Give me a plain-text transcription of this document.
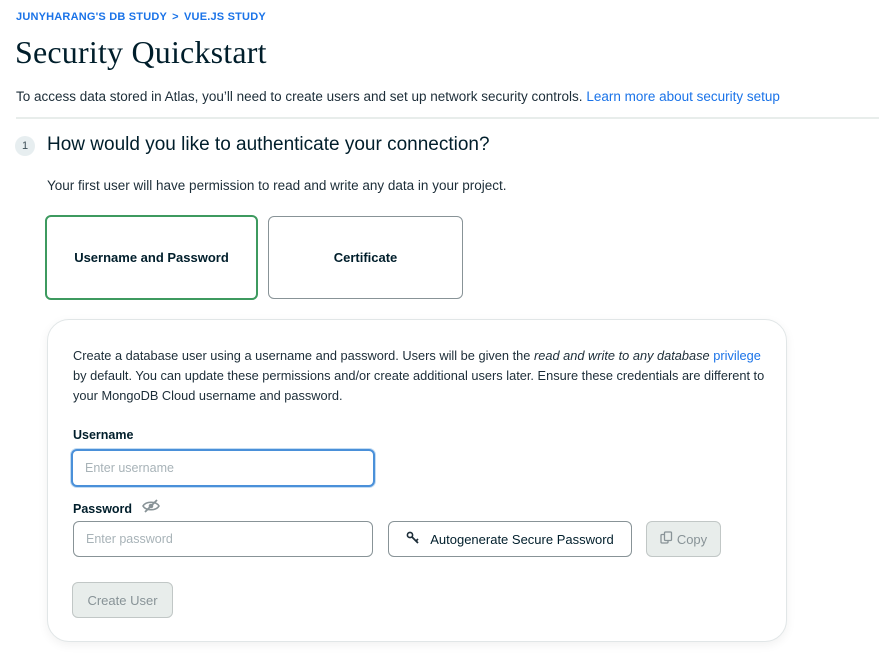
JUNYHARANG'S DB STUDY > VUE.JS STUDY
Security Quickstart
To access data stored in Atlas, you’ll need to create users and set up network security controls. Learn more about security setup
1 How would you like to authenticate your connection?

Your first user will have permission to read and write any data in your project.

Username and Password	Certificate

Create a database user using a username and password. Users will be given the read and write to any database privilege by default. You can update these permissions and/or create additional users later. Ensure these credentials are different to your MongoDB Cloud username and password.

Username
Enter username
Password
Autogenerate Secure Password	Copy
Create User
